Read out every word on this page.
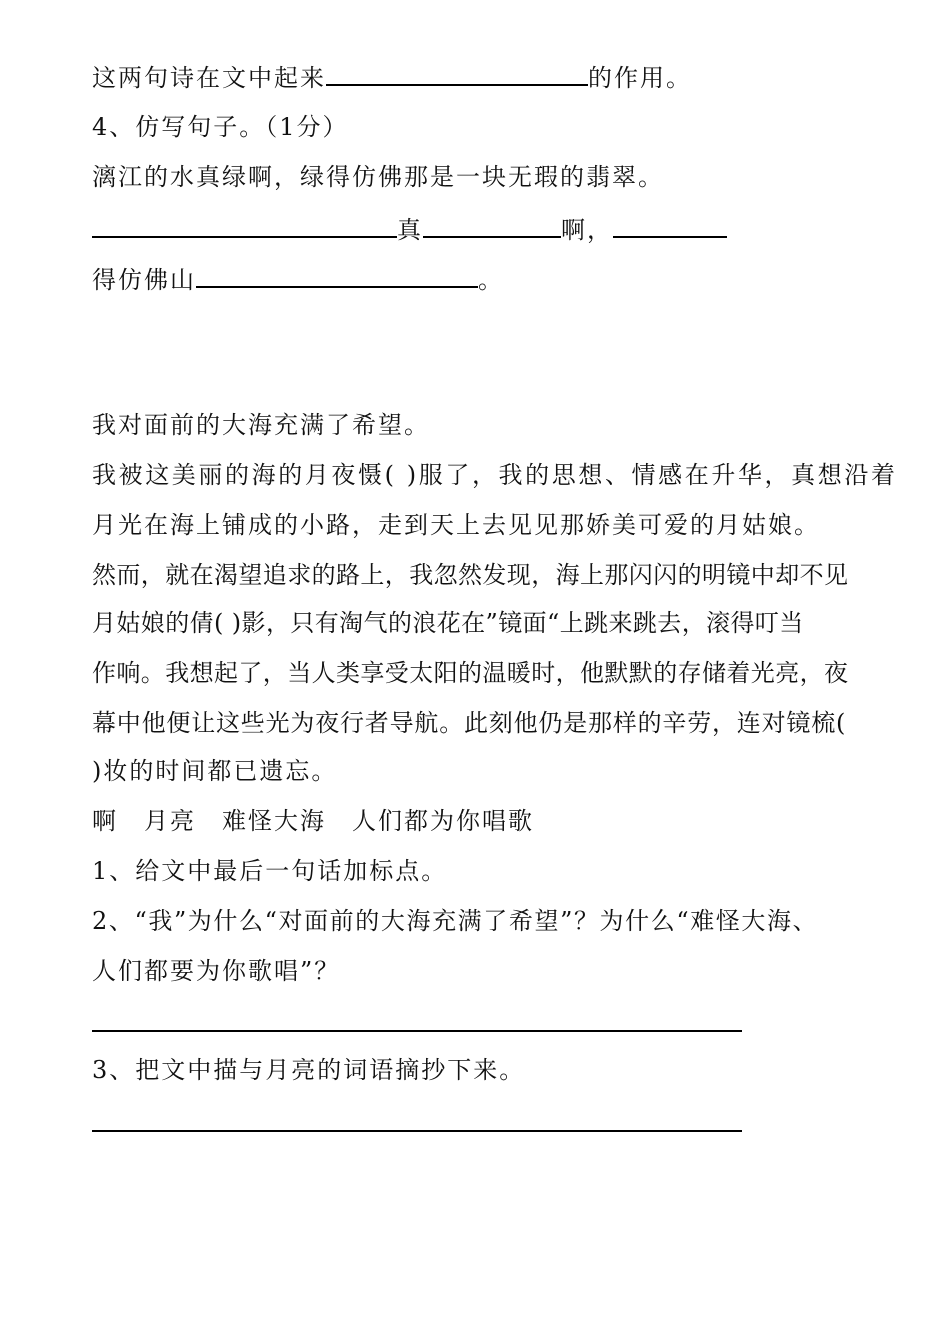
这两句诗在文中起来	的作用。
4、仿写句子。（1分）
漓江的水真绿啊，绿得仿佛那是一块无瑕的翡翠。
真	啊，
得仿佛山	。
我对面前的大海充满了希望。
我被这美丽的海的月夜慑( )服了，我的思想、情感在升华，真想沿着
月光在海上铺成的小路，走到天上去见见那娇美可爱的月姑娘。
然而，就在渴望追求的路上，我忽然发现，海上那闪闪的明镜中却不见
月姑娘的倩( )影，只有淘气的浪花在”镜面“上跳来跳去，滚得叮当
作响。我想起了，当人类享受太阳的温暖时，他默默的存储着光亮，夜
幕中他便让这些光为夜行者导航。此刻他仍是那样的辛劳，连对镜梳(
)妆的时间都已遗忘。
啊　月亮　难怪大海　人们都为你唱歌
1、给文中最后一句话加标点。
2、“我”为什么“对面前的大海充满了希望”？为什么“难怪大海、
人们都要为你歌唱”？
3、把文中描与月亮的词语摘抄下来。
